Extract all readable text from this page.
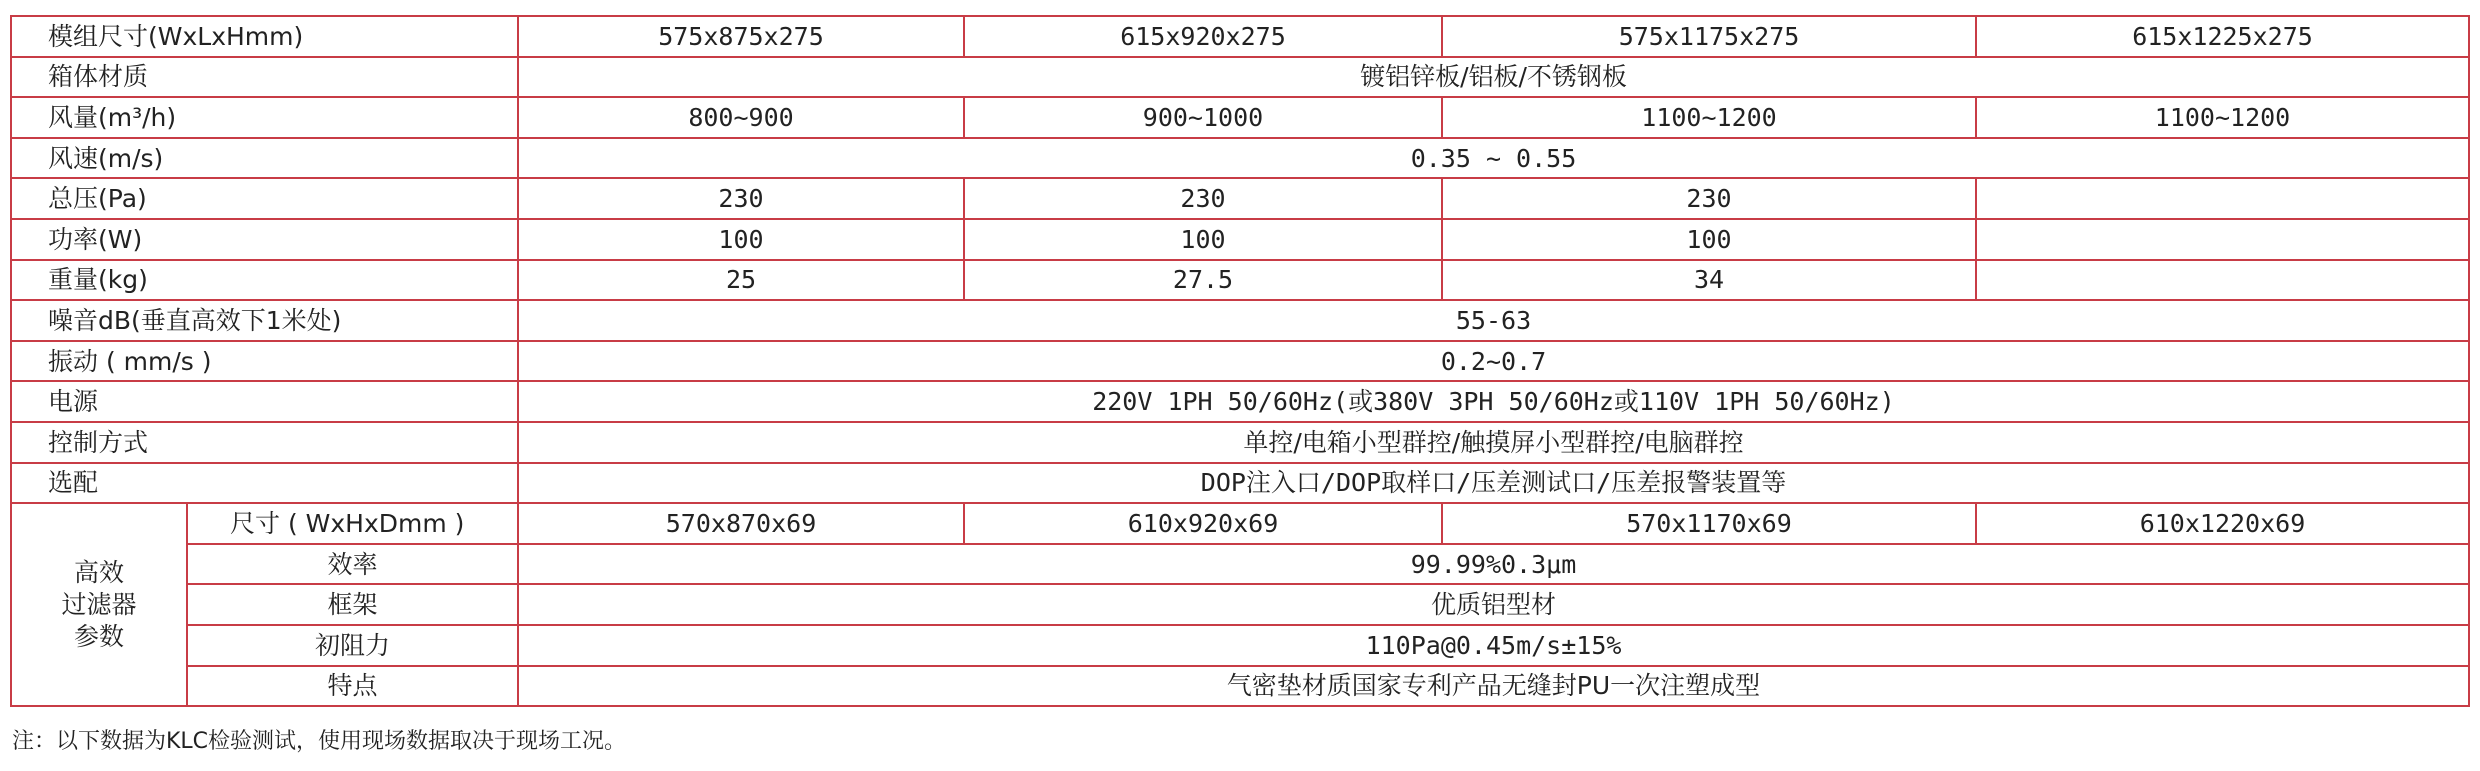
模组尺寸(WxLxHmm)		575x875x275	615x920x275	575x1175x275	615x1225x275
箱体材质		镀铝锌板/铝板/不锈钢板			
风量(m³/h)		800~900	900~1000	1100~1200	1100~1200
风速(m/s)		0.35 ~ 0.55			
总压(Pa)		230	230	230	
功率(W)		100	100	100	
重量(kg)		25	27.5	34	
噪音dB(垂直高效下1米处)		55-63			
振动 ( mm/s )		0.2~0.7			
电源		220V 1PH 50/60Hz(或380V 3PH 50/60Hz或110V 1PH 50/60Hz)			
控制方式		单控/电箱小型群控/触摸屏小型群控/电脑群控			
选配		DOP注入口/DOP取样口/压差测试口/压差报警装置等			

高效
过滤器
参数	尺寸 ( WxHxDmm )	570x870x69	610x920x69	570x1170x69	610x1220x69
	效率	99.99%0.3μm			
	框架	优质铝型材			
	初阻力	110Pa@0.45m/s±15%			
	特点	气密垫材质国家专利产品无缝封PU一次注塑成型			
注：以下数据为KLC检验测试，使用现场数据取决于现场工况。
